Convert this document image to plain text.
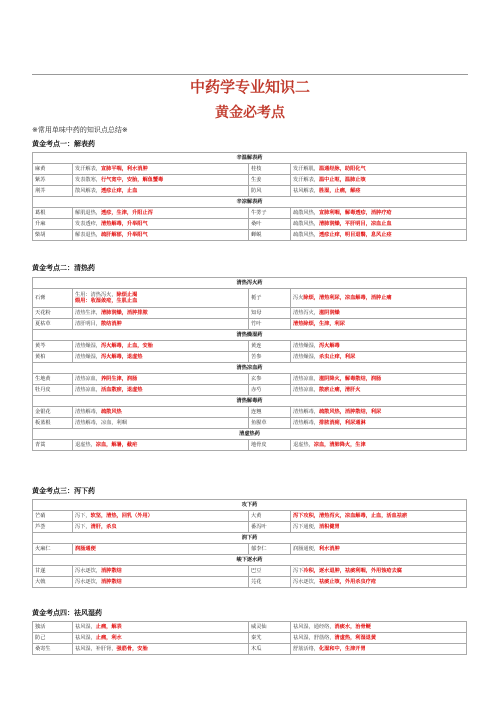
中药学专业知识二
黄金必考点
※常用单味中药的知识点总结※
黄金考点一：解表药
辛温解表药			
麻黄	发汗解表，宣肺平喘，利水消肿	桂枝	发汗解肌，温通经脉，助阳化气
紫苏	发表散寒，行气宽中，安胎，解鱼蟹毒	生姜	发汗解表，温中止呕，温肺止咳
荆芥	散风解表，透疹止痒，止血	防风	祛风解表，胜湿，止痛，解痉
辛凉解表药			
葛根	解肌退热，透疹，生津，升阳止泻	牛蒡子	疏散风热，宣肺利咽，解毒透疹，消肿疗疮
升麻	发表透疹，清热解毒，升举阳气	桑叶	疏散风热，清肺润燥，平肝明目，凉血止血
柴胡	解表退热，疏肝解郁，升举阳气	蝉蜕	疏散风热，透疹止痒，明目退翳，息风止痉
黄金考点二：清热药
清热泻火药			
石膏	生用：清热泻火，除烦止渴
煅用：收湿敛疮，生肌止血	栀子	泻火除烦，清热利尿，凉血解毒，消肿止痛
天花粉	清热生津，清肺润燥，消肿排脓	知母	清热泻火，滋阴润燥
夏枯草	清肝明目，散结消肿	竹叶	清热除烦，生津，利尿
清热燥湿药			
黄芩	清热燥湿，泻火解毒，止血，安胎	黄连	清热燥湿，泻火解毒
黄柏	清热燥湿，泻火解毒，退虚热	苦参	清热燥湿，杀虫止痒，利尿
清热凉血药			
生地黄	清热凉血，养阴生津，润肠	玄参	清热凉血，滋阴降火，解毒散结，润肠
牡丹皮	清热凉血，活血散瘀，退虚热	赤芍	清热凉血，散瘀止痛，清肝火
清热解毒药			
金银花	清热解毒，疏散风热	连翘	清热解毒，疏散风热，消肿散结，利尿
板蓝根	清热解毒，凉血，利咽	鱼腥草	清热解毒，排脓消痈，利尿通淋
清虚热药			
青蒿	退虚热，凉血，解暑，截疟	地骨皮	退虚热，凉血，清肺降火，生津
黄金考点三：泻下药
攻下药			
芒硝	泻下，软坚，清热，回乳（外用）	大黄	泻下攻积，清热泻火，凉血解毒，止血，活血祛瘀
芦荟	泻下，清肝，杀虫	番泻叶	泻下通便，消积健胃
润下药			
火麻仁	润肠通便	郁李仁	润肠通便，利水消肿
峻下逐水药			
甘遂	泻水逐饮，消肿散结	巴豆	泻下冷积，逐水退肿，祛痰利咽，外用蚀疮去腐
大戟	泻水逐饮，消肿散结	芫花	泻水逐饮，祛痰止咳，外用杀虫疗疮
黄金考点四：祛风湿药
独活	祛风湿，止痛，解表	威灵仙	祛风湿，通经络，消痰水，治骨鲠
防己	祛风湿，止痛，利水	秦艽	祛风湿，舒筋络，清虚热，利湿退黄
桑寄生	祛风湿，补肝肾，强筋骨，安胎	木瓜	舒筋活络，化湿和中，生津开胃
